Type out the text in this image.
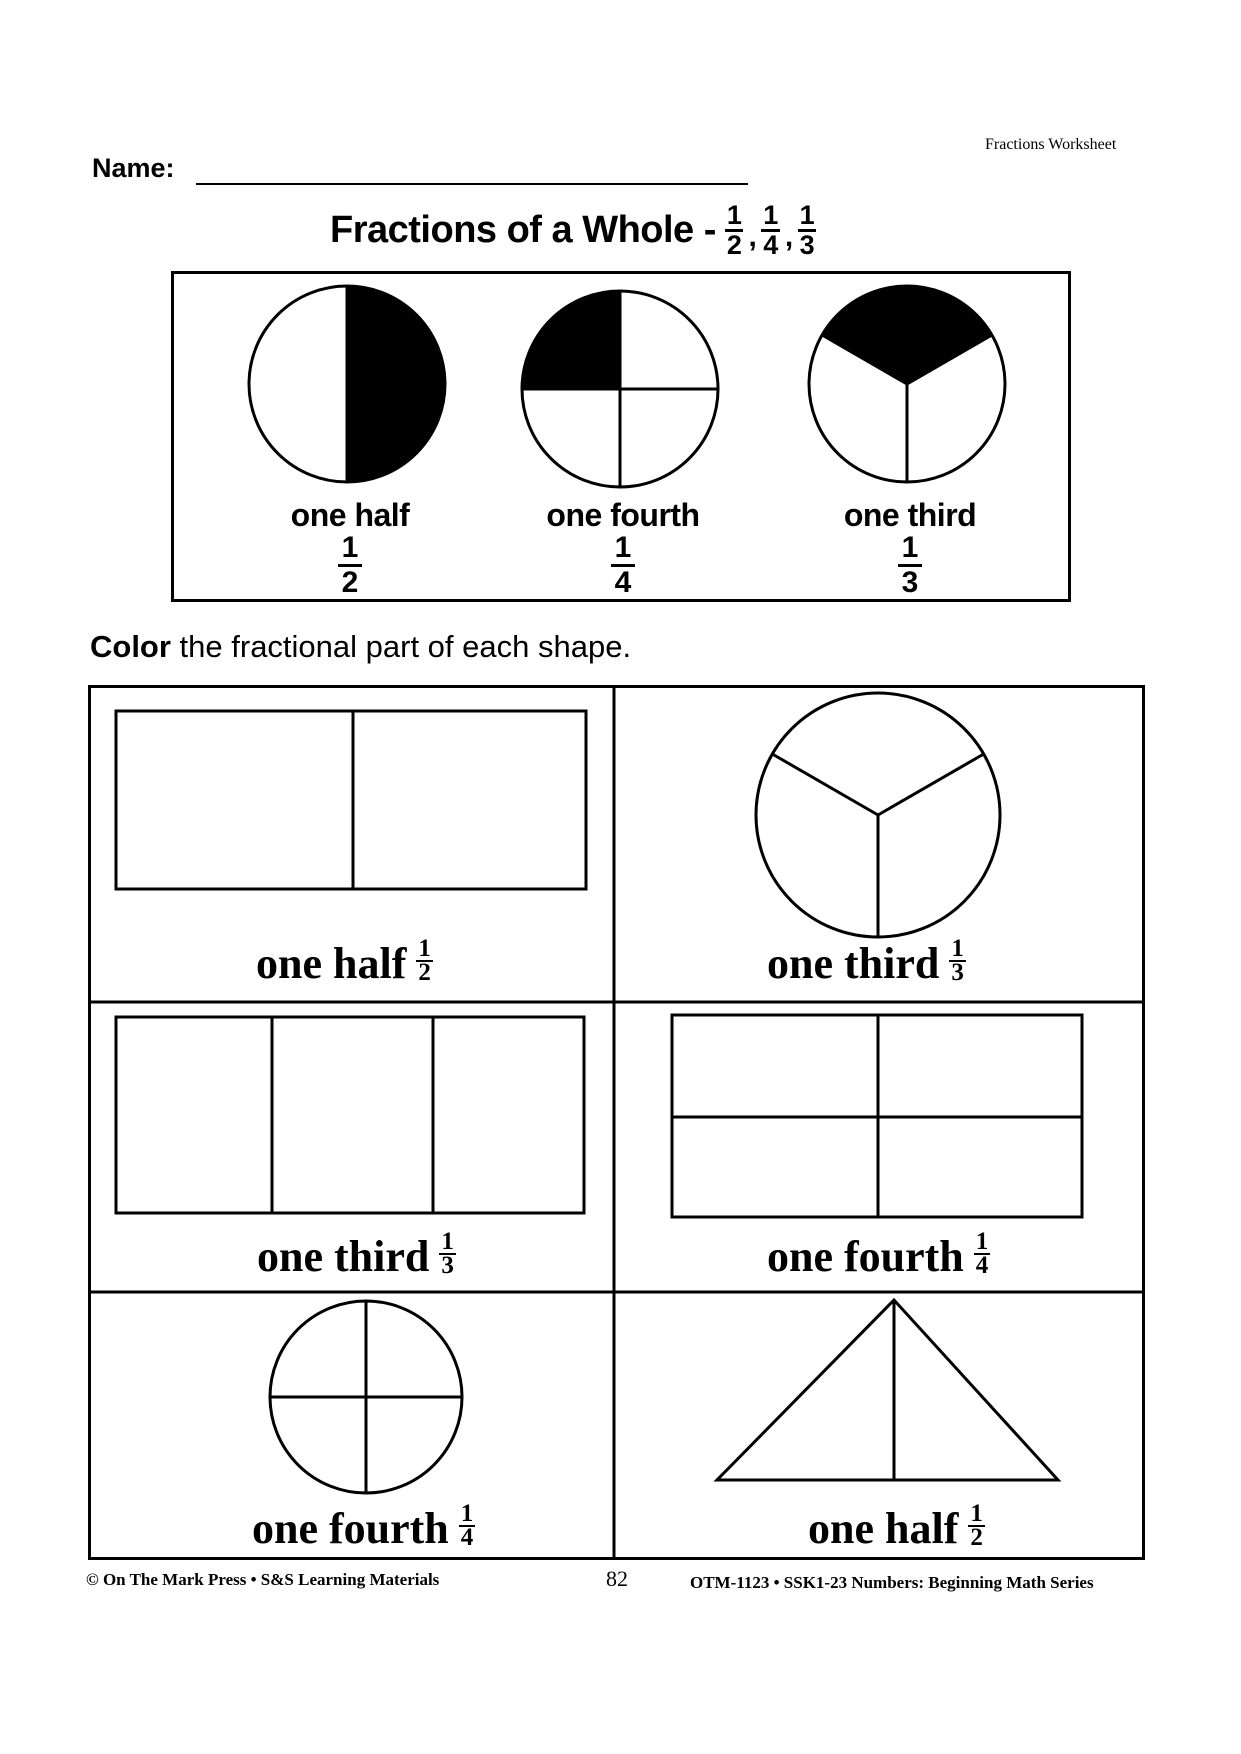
Fractions Worksheet
Name:
Fractions of a Whole - $\frac{1}{2}$ , $\frac{1}{4}$ , $\frac{1}{3}$
one half
$\frac{1}{2}$
one fourth
$\frac{1}{4}$
one third
$\frac{1}{3}$
Color the fractional part of each shape.
one half $\frac{1}{2}$	one third $\frac{1}{3}$
one third $\frac{1}{3}$	one fourth $\frac{1}{4}$
one fourth $\frac{1}{4}$	one half $\frac{1}{2}$
© On The Mark Press • S&S Learning Materials	82	OTM-1123 • SSK1-23 Numbers: Beginning Math Series
